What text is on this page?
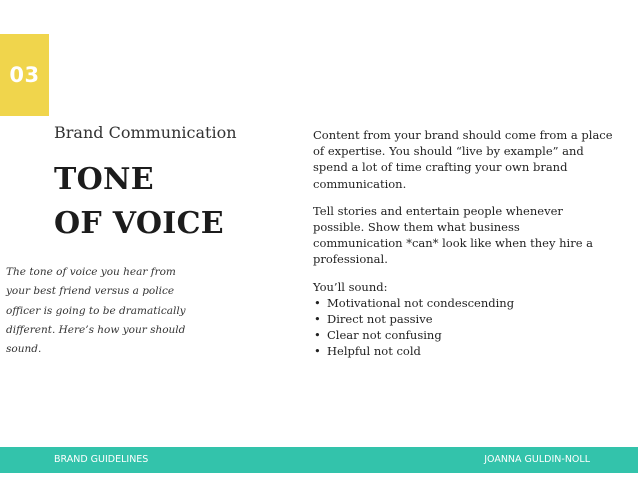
03
Brand Communication
TONE
OF VOICE
The tone of voice you hear from your best friend versus a police officer is going to be dramatically different. Here’s how your should sound.

Content from your brand should come from a place of expertise. You should “live by example” and spend a lot of time crafting your own brand communication.

Tell stories and entertain people whenever possible. Show them what business communication *can* look like when they hire a professional.

You’ll sound:
• Motivational not condescending
• Direct not passive
• Clear not confusing
• Helpful not cold
BRAND GUIDELINES	JOANNA GULDIN-NOLL
